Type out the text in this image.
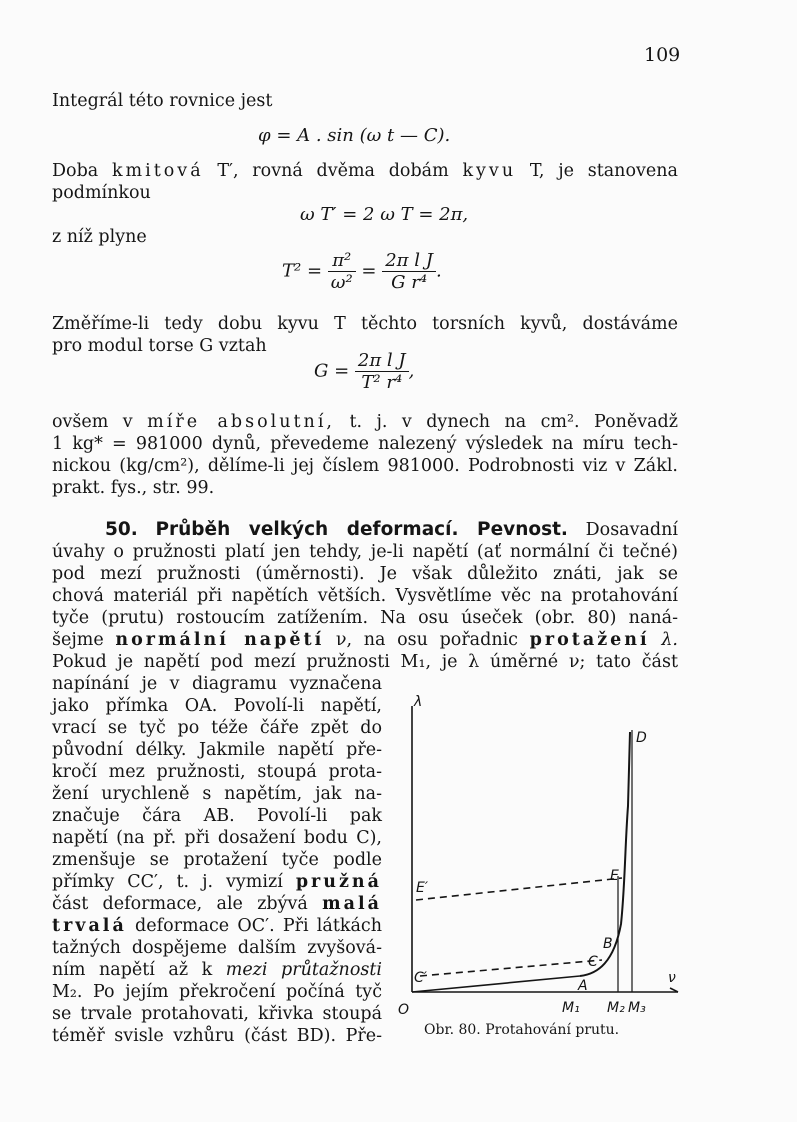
109
Integrál této rovnice jest
φ = A . sin (ω t — C).
Doba kmitová T′, rovná dvěma dobám kyvu T, je stanovena
podmínkou
ω T′ = 2 ω T = 2π,
z níž plyne
$T^2 = \frac{\text{π²}}{\text{ω²}} = \frac{\text{2π l J}}{\text{G r⁴}}$ .
Změříme-li tedy dobu kyvu T těchto torsních kyvů, dostáváme
pro modul torse G vztah
$G = \frac{\text{2π l J}}{\text{T² r⁴}}$ ,
ovšem v míře absolutní, t. j. v dynech na cm². Poněvadž
1 kg* = 981000 dynů, převedeme nalezený výsledek na míru tech-
nickou (kg/cm²), dělíme-li jej číslem 981000. Podrobnosti viz v Zákl.
prakt. fys., str. 99.
50. Průběh velkých deformací. Pevnost. Dosavadní
úvahy o pružnosti platí jen tehdy, je-li napětí (ať normální či tečné)
pod mezí pružnosti (úměrnosti). Je však důležito znáti, jak se
chová materiál při napětích větších. Vysvětlíme věc na protahování
tyče (prutu) rostoucím zatížením. Na osu úseček (obr. 80) naná-
šejme normální napětí ν, na osu pořadnic protažení λ.
Pokud je napětí pod mezí pružnosti M₁, je λ úměrné ν; tato část
napínání je v diagramu vyznačena
jako přímka OA. Povolí-li napětí,
vrací se tyč po téže čáře zpět do
původní délky. Jakmile napětí pře-
kročí mez pružnosti, stoupá prota-
žení urychleně s napětím, jak na-
značuje čára AB. Povolí-li pak
napětí (na př. při dosažení bodu C),
zmenšuje se protažení tyče podle
přímky CC′, t. j. vymizí pružná
část deformace, ale zbývá malá
trvalá deformace OC′. Při látkách
tažných dospějeme dalším zvyšová-
ním napětí až k mezi průtažnosti
M₂. Po jejím překročení počíná tyč
se trvale protahovati, křivka stoupá
téměř svisle vzhůru (část BD). Pře-
λ
ν
O
A
B
C
D
E
E′
C′
M₁ M₂ M₃
Obr. 80. Protahování prutu.
